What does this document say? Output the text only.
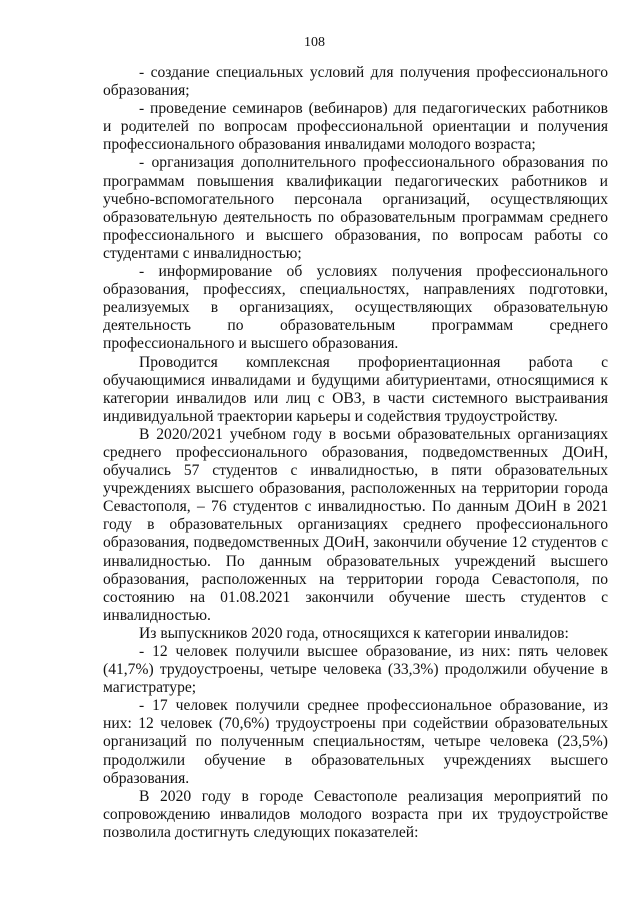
108

- создание специальных условий для получения профессионального образования;

- проведение семинаров (вебинаров) для педагогических работников и родителей по вопросам профессиональной ориентации и получения профессионального образования инвалидами молодого возраста;

- организация дополнительного профессионального образования по программам повышения квалификации педагогических работников и учебно-вспомогательного персонала организаций, осуществляющих образовательную деятельность по образовательным программам среднего профессионального и высшего образования, по вопросам работы со студентами с инвалидностью;

- информирование об условиях получения профессионального образования, профессиях, специальностях, направлениях подготовки, реализуемых в организациях, осуществляющих образовательную деятельность по образовательным программам среднего профессионального и высшего образования.

Проводится комплексная профориентационная работа с обучающимися инвалидами и будущими абитуриентами, относящимися к категории инвалидов или лиц с ОВЗ, в части системного выстраивания индивидуальной траектории карьеры и содействия трудоустройству.

В 2020/2021 учебном году в восьми образовательных организациях среднего профессионального образования, подведомственных ДОиН, обучались 57 студентов с инвалидностью, в пяти образовательных учреждениях высшего образования, расположенных на территории города Севастополя, – 76 студентов с инвалидностью. По данным ДОиН в 2021 году в образовательных организациях среднего профессионального образования, подведомственных ДОиН, закончили обучение 12 студентов с инвалидностью. По данным образовательных учреждений высшего образования, расположенных на территории города Севастополя, по состоянию на 01.08.2021 закончили обучение шесть студентов с инвалидностью.

Из выпускников 2020 года, относящихся к категории инвалидов:

- 12 человек получили высшее образование, из них: пять человек (41,7%) трудоустроены, четыре человека (33,3%) продолжили обучение в магистратуре;

- 17 человек получили среднее профессиональное образование, из них: 12 человек (70,6%) трудоустроены при содействии образовательных организаций по полученным специальностям, четыре человека (23,5%) продолжили обучение в образовательных учреждениях высшего образования.

В 2020 году в городе Севастополе реализация мероприятий по сопровождению инвалидов молодого возраста при их трудоустройстве позволила достигнуть следующих показателей:
